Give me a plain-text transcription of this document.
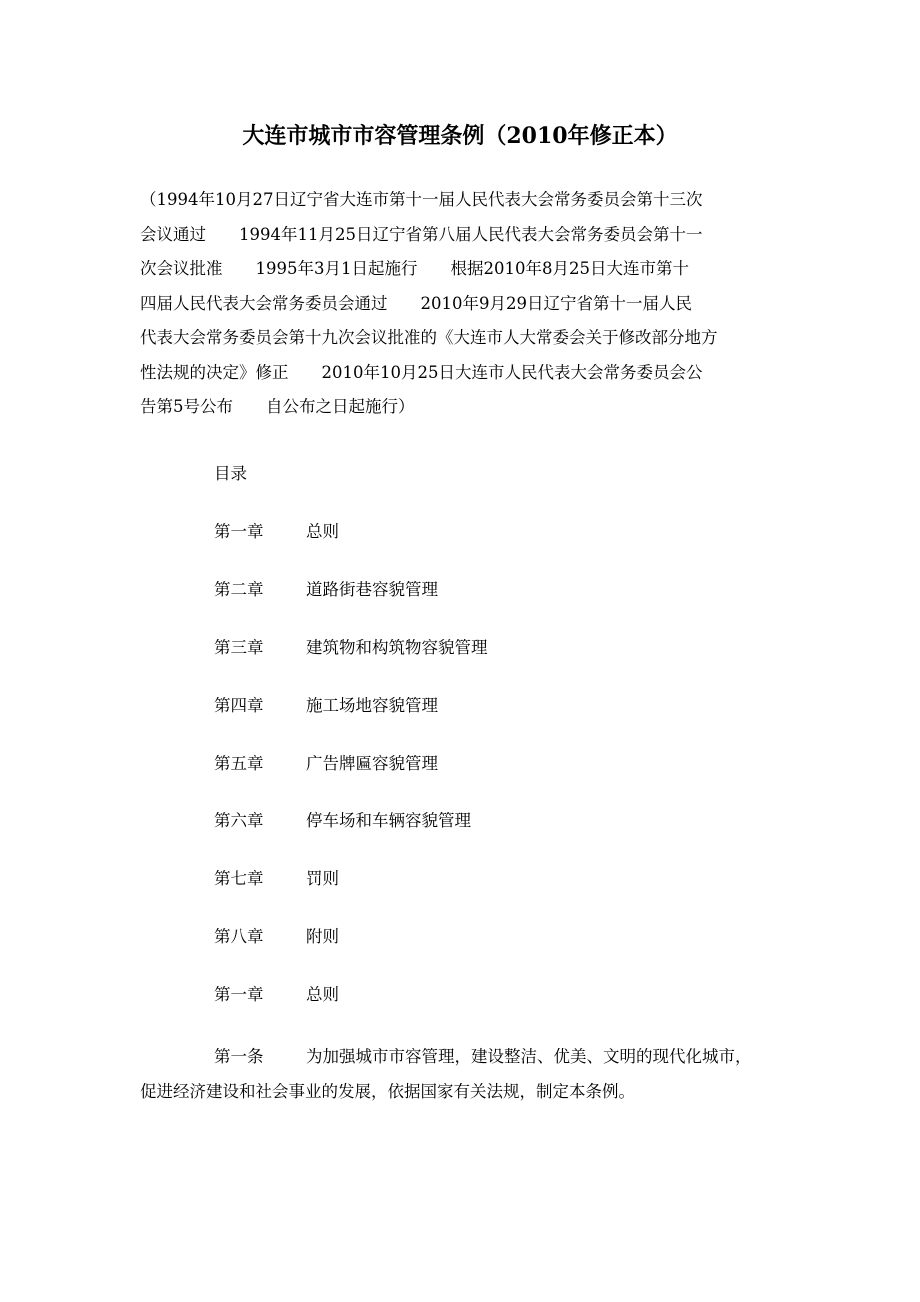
大连市城市市容管理条例（2010年修正本）
（1994年10月27日辽宁省大连市第十一届人民代表大会常务委员会第十三次
会议通过　　1994年11月25日辽宁省第八届人民代表大会常务委员会第十一
次会议批准　　1995年3月1日起施行　　根据2010年8月25日大连市第十
四届人民代表大会常务委员会通过　　2010年9月29日辽宁省第十一届人民
代表大会常务委员会第十九次会议批准的《大连市人大常委会关于修改部分地方
性法规的决定》修正　　2010年10月25日大连市人民代表大会常务委员会公
告第5号公布　　自公布之日起施行）
目录
第一章	总则
第二章	道路街巷容貌管理
第三章	建筑物和构筑物容貌管理
第四章	施工场地容貌管理
第五章	广告牌匾容貌管理
第六章	停车场和车辆容貌管理
第七章	罚则
第八章	附则
第一章	总则
第一条	为加强城市市容管理，建设整洁、优美、文明的现代化城市，
促进经济建设和社会事业的发展，依据国家有关法规，制定本条例。
